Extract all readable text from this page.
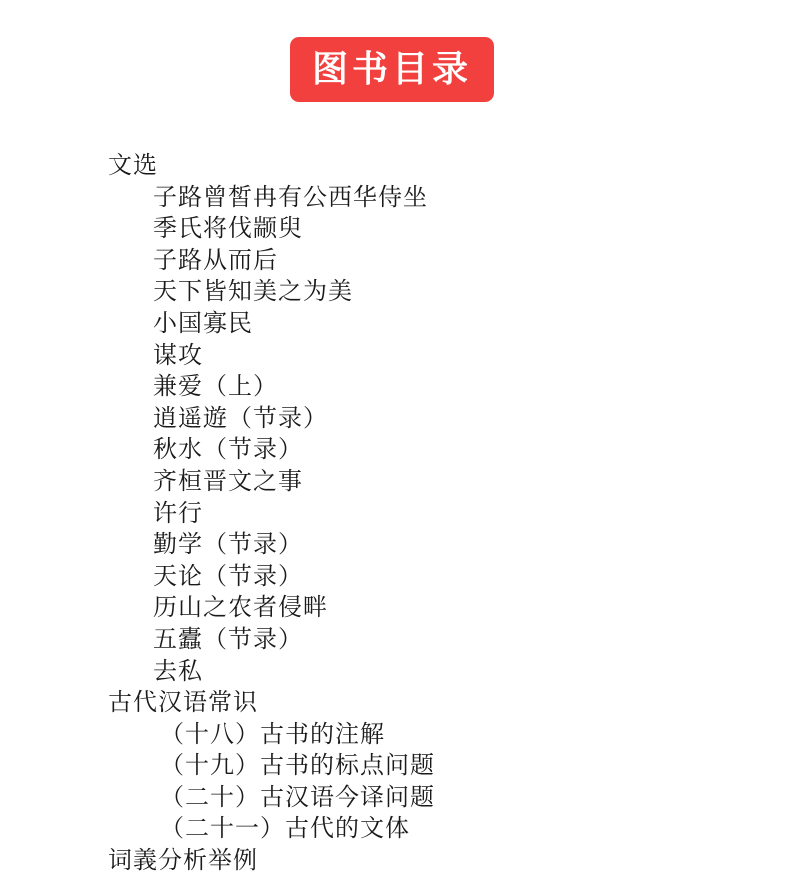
图书目录
文选
子路曾皙冉有公西华侍坐
季氏将伐颛臾
子路从而后
天下皆知美之为美
小国寡民
谋攻
兼爱（上）
逍遥遊（节录）
秋水（节录）
齐桓晋文之事
许行
勤学（节录）
天论（节录）
历山之农者侵畔
五蠹（节录）
去私
古代汉语常识
（十八）古书的注解
（十九）古书的标点问题
（二十）古汉语今译问题
（二十一）古代的文体
词義分析举例
